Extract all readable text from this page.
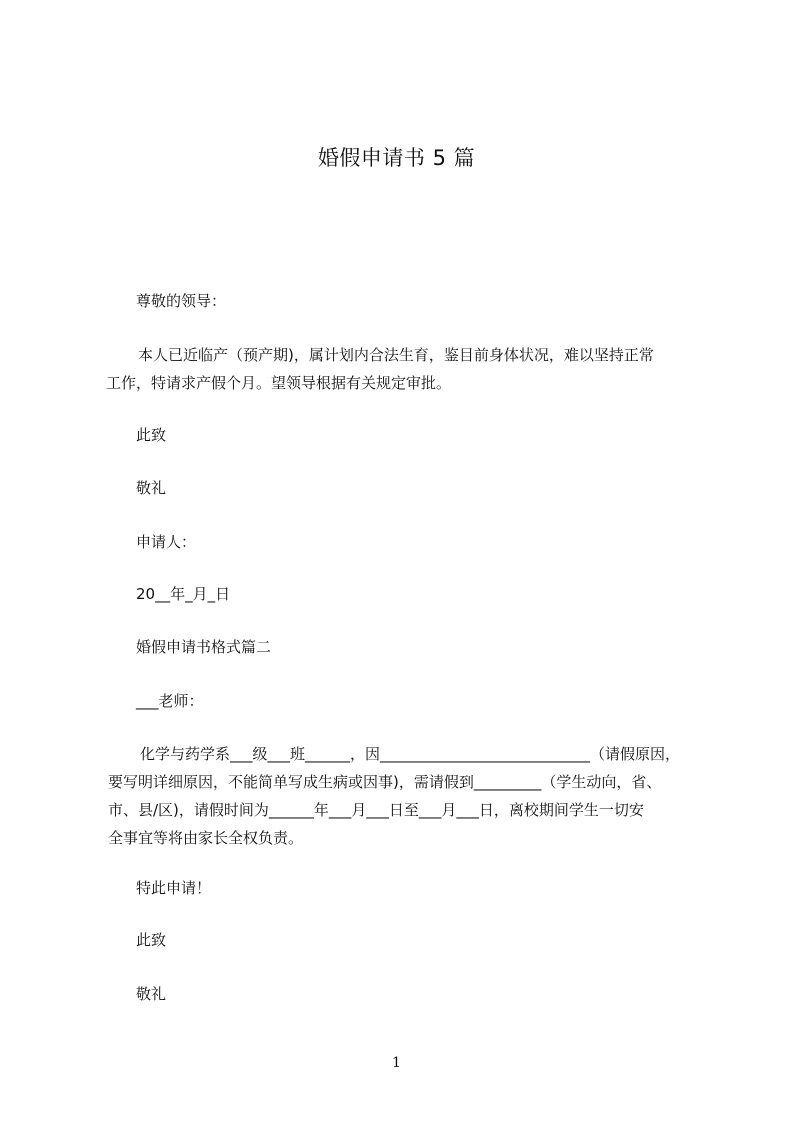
婚假申请书 5 篇
尊敬的领导：
本人已近临产（预产期)，属计划内合法生育，鉴目前身体状况，难以坚持正常
工作，特请求产假个月。望领导根据有关规定审批。
此致
敬礼
申请人：
20__年_月_日
婚假申请书格式篇二
___老师：
化学与药学系___级___班______，因____________________________（请假原因，
要写明详细原因，不能简单写成生病或因事)，需请假到_________（学生动向，省、
市、县/区)，请假时间为______年___月___日至___月___日，离校期间学生一切安
全事宜等将由家长全权负责。
特此申请！
此致
敬礼
1
